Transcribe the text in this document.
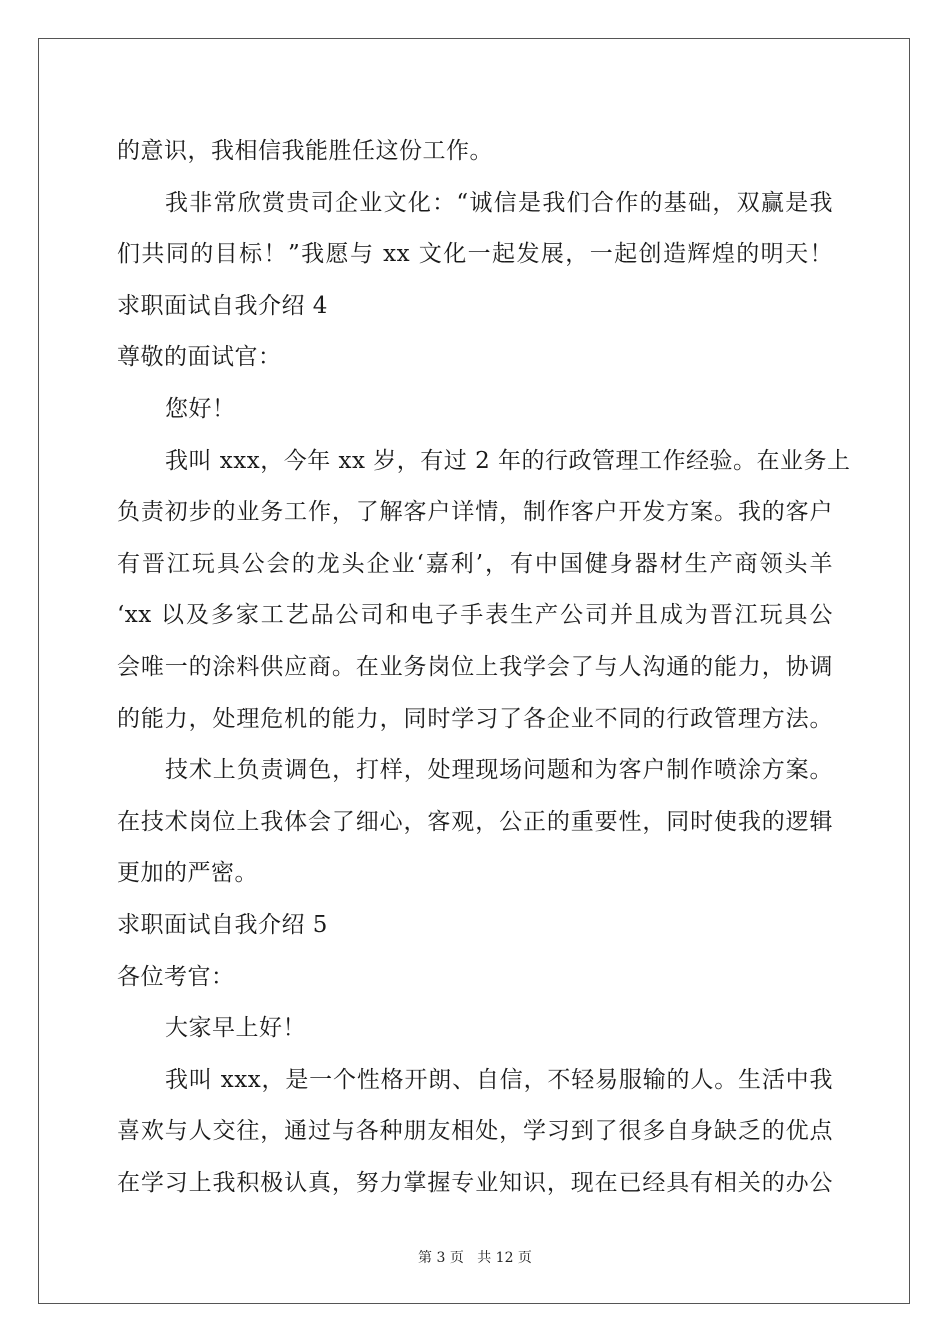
的意识，我相信我能胜任这份工作。
我非常欣赏贵司企业文化：“诚信是我们合作的基础，双赢是我
们共同的目标！”我愿与 xx 文化一起发展，一起创造辉煌的明天！
求职面试自我介绍 4
尊敬的面试官：
您好！
我叫 xxx，今年 xx 岁，有过 2 年的行政管理工作经验。在业务上
负责初步的业务工作，了解客户详情，制作客户开发方案。我的客户
有晋江玩具公会的龙头企业‘嘉利’，有中国健身器材生产商领头羊
‘xx 以及多家工艺品公司和电子手表生产公司并且成为晋江玩具公
会唯一的涂料供应商。在业务岗位上我学会了与人沟通的能力，协调
的能力，处理危机的能力，同时学习了各企业不同的行政管理方法。
技术上负责调色，打样，处理现场问题和为客户制作喷涂方案。
在技术岗位上我体会了细心，客观，公正的重要性，同时使我的逻辑
更加的严密。
求职面试自我介绍 5
各位考官：
大家早上好！
我叫 xxx，是一个性格开朗、自信，不轻易服输的人。生活中我
喜欢与人交往，通过与各种朋友相处，学习到了很多自身缺乏的优点
在学习上我积极认真，努力掌握专业知识，现在已经具有相关的办公
第 3 页 共 12 页
